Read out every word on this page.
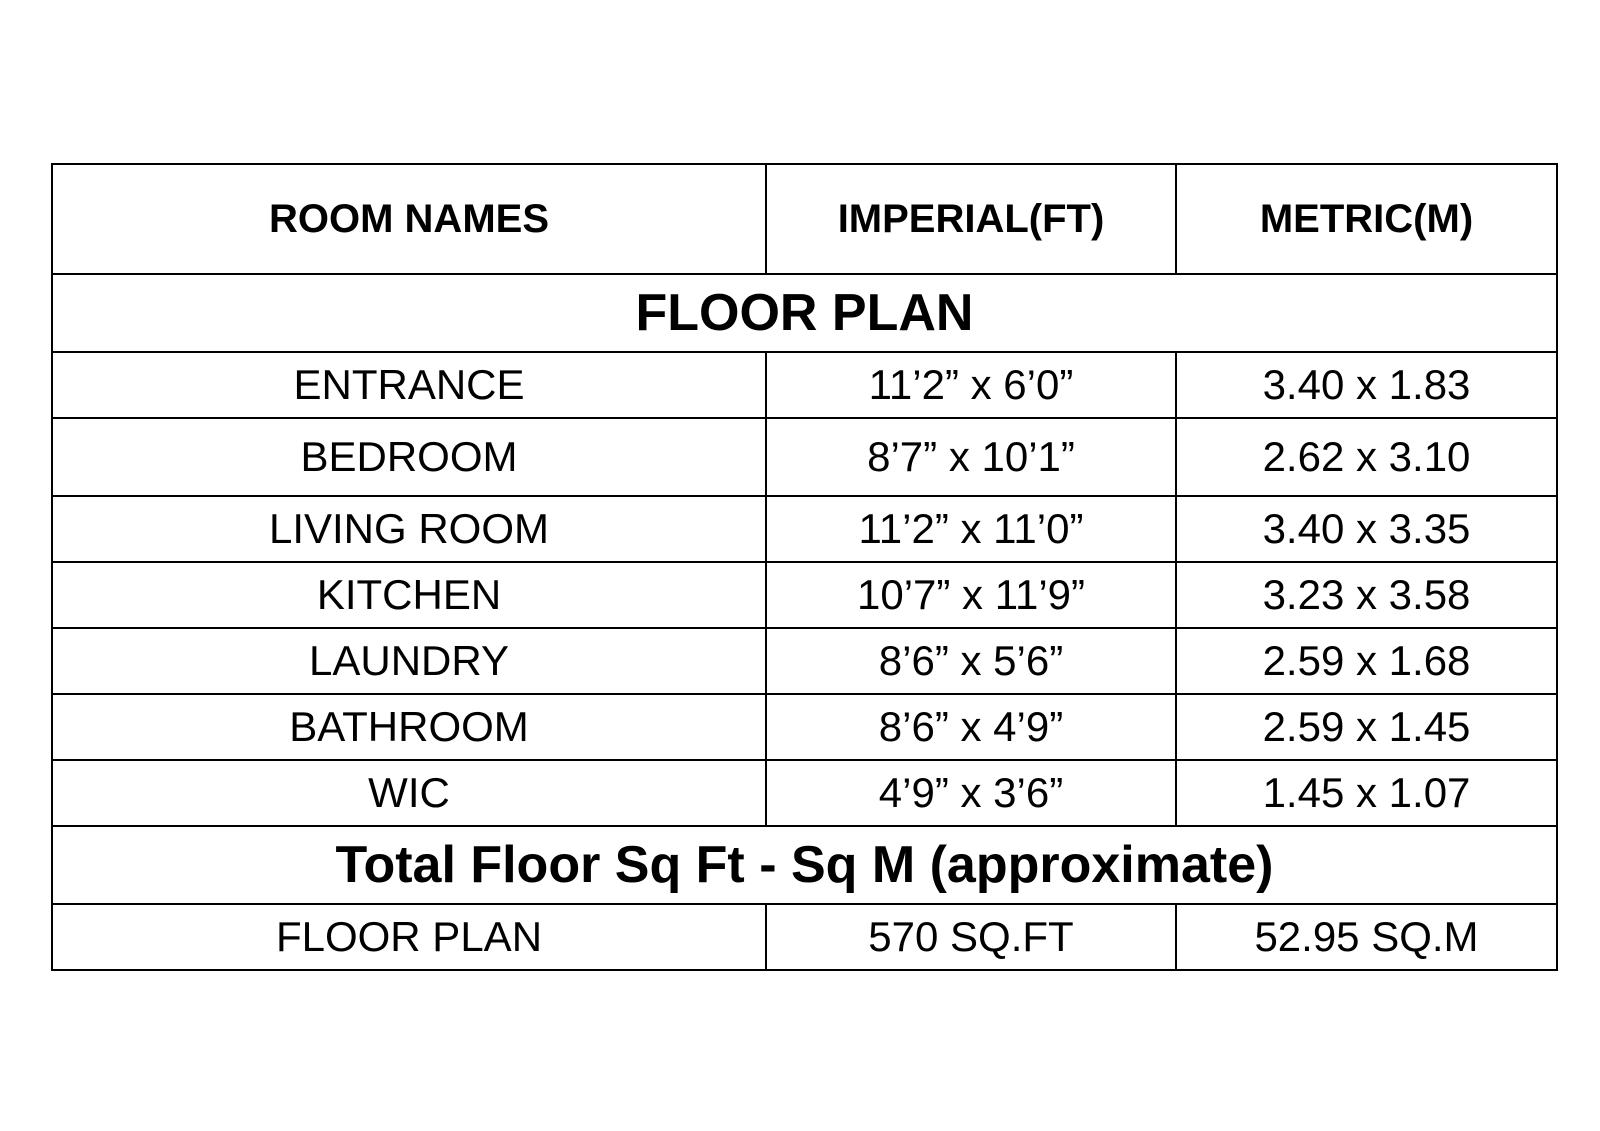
ROOM NAMES	IMPERIAL(FT)	METRIC(M)
FLOOR PLAN		
ENTRANCE	11’2” x 6’0”	3.40 x 1.83
BEDROOM	8’7” x 10’1”	2.62 x 3.10
LIVING ROOM	11’2” x 11’0”	3.40 x 3.35
KITCHEN	10’7” x 11’9”	3.23 x 3.58
LAUNDRY	8’6” x 5’6”	2.59 x 1.68
BATHROOM	8’6” x 4’9”	2.59 x 1.45
WIC	4’9” x 3’6”	1.45 x 1.07
Total Floor Sq Ft - Sq M (approximate)		
FLOOR PLAN	570 SQ.FT	52.95 SQ.M
